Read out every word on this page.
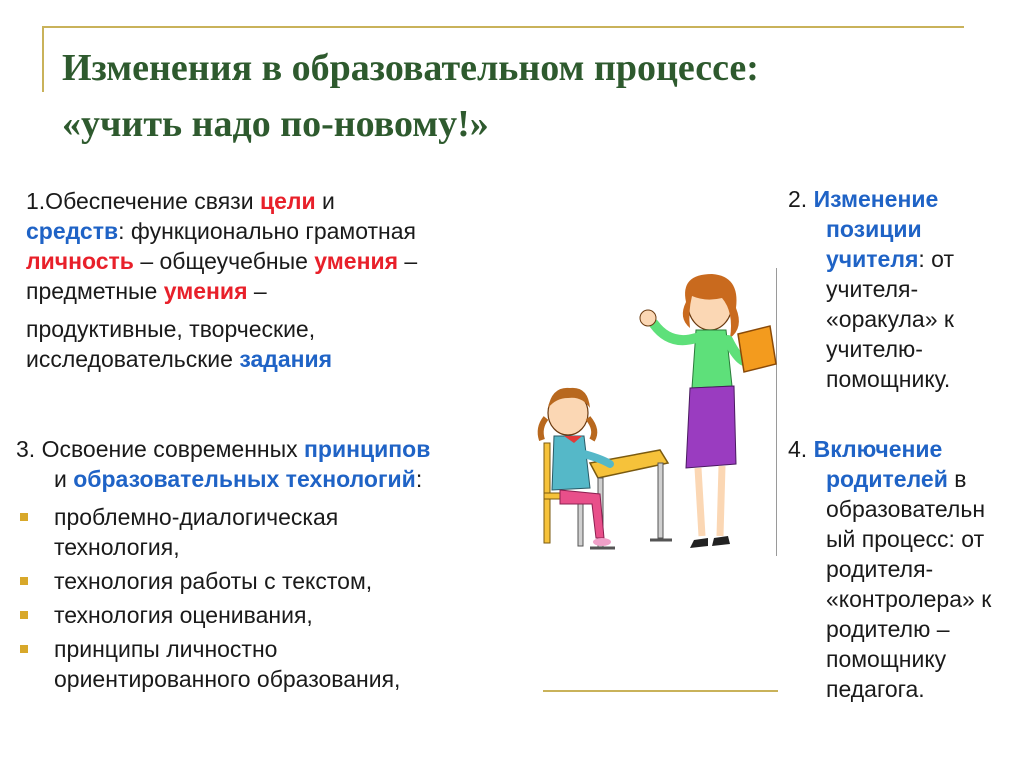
Изменения в образовательном процессе:
«учить надо по-новому!»
1.Обеспечение связи цели и
средств: функционально грамотная
личность – общеучебные умения –
предметные умения –
продуктивные, творческие,
исследовательские задания
2. Изменение
позиции
учителя: от
учителя-
«оракула» к
учителю-
помощнику.
3. Освоение современных принципов
и образовательных технологий:
проблемно-диалогическая
технология,
технология работы с текстом,
технология оценивания,
принципы личностно
ориентированного образования,
4. Включение
родителей в
образовательн
ый процесс: от
родителя-
«контролера» к
родителю –
помощнику
педагога.
